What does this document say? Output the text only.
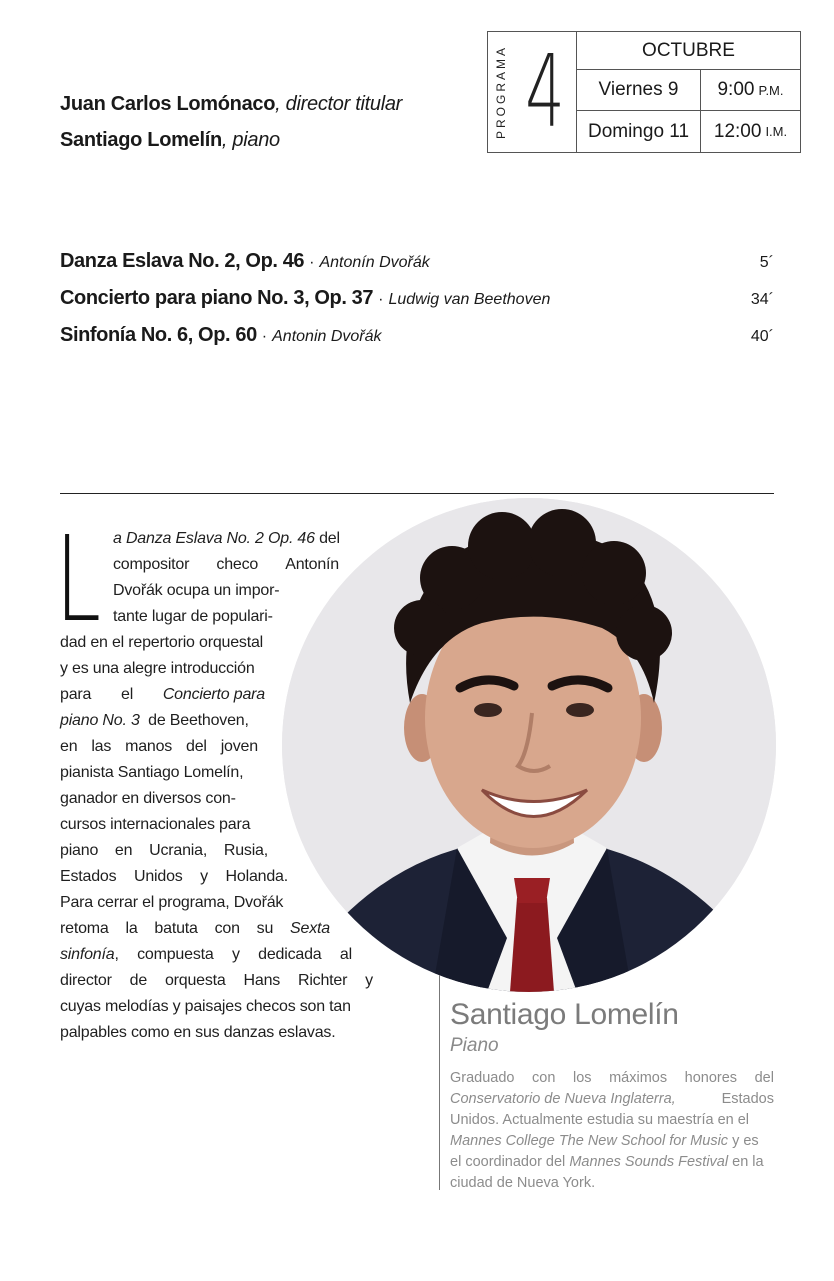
Juan Carlos Lomónaco, director titular
Santiago Lomelín, piano
PROGRAMA 4	OCTUBRE
Viernes 9	9:00 P.M.
Domingo 11	12:00 I.M.
Danza Eslava No. 2, Op. 46 · Antonín Dvořák	5´
Concierto para piano No. 3, Op. 37 · Ludwig van Beethoven	34´
Sinfonía No. 6, Op. 60 · Antonin Dvořák	40´
L a Danza Eslava No. 2 Op. 46 del
compositor checo Antonín
Dvořák ocupa un impor-
tante lugar de populari-
dad en el repertorio orquestal
y es una alegre introducción
para el Concierto para
piano No. 3 de Beethoven,
en las manos del joven
pianista Santiago Lomelín,
ganador en diversos con-
cursos internacionales para
piano en Ucrania, Rusia,
Estados Unidos y Holanda.
Para cerrar el programa, Dvořák
retoma la batuta con su Sexta
sinfonía, compuesta y dedicada al
director de orquesta Hans Richter y
cuyas melodías y paisajes checos son tan
palpables como en sus danzas eslavas.
Santiago Lomelín
Piano
Graduado con los máximos honores del
Conservatorio de Nueva Inglaterra,	Estados
Unidos. Actualmente estudia su maestría en el
Mannes College The New School for Music y es
el coordinador del Mannes Sounds Festival en la
ciudad de Nueva York.
